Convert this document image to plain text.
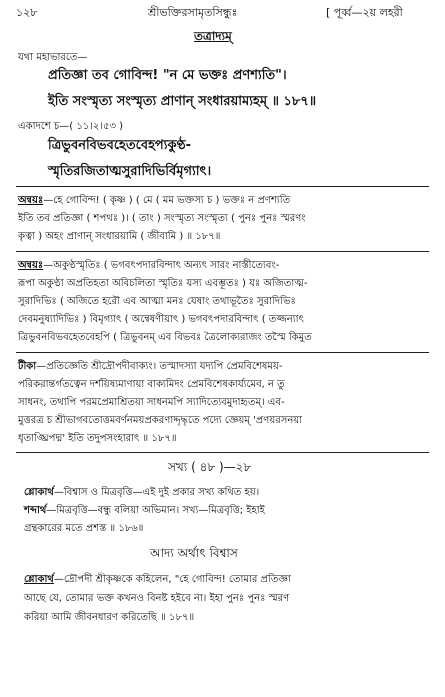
১২৮	শ্রীভক্তিরসামৃতসিন্ধুঃ	[ পূর্ব্ব—২য় লহরী
তত্রাদ্যম্‌
যথা মহাভারতে—
প্রতিজ্ঞা তব গোবিন্দ! "ন মে ভক্তঃ প্রণশ্যতি"।
ইতি সংস্মৃত্য সংস্মৃত্য প্রাণান্‌ সংধারয়াম্যহম্‌ ॥ ১৮৭॥
একাদশে চ—( ১১।২।৫৩ )
ত্রিভুবনবিভবহেতবেহপ্যকুণ্ঠ-
স্মৃতিরজিতাত্মসুরাদিভির্বিমৃগ্যাৎ।
অন্বয়ঃ—হে গোবিন্দ! ( কৃষ্ণ ) ( মে ( মম ভক্তস্য চ ) ভক্তঃ ন প্রণশ্যতি
ইতি তব প্রতিজ্ঞা ( শপথঃ )। ( তাং ) সংস্মৃত্য সংস্মৃত্য ( পুনঃ পুনঃ স্মরণং
কৃত্বা ) অহং প্রাণান্‌ সংধারয়ামি ( জীবামি ) ॥ ১৮৭॥
অন্বয়ঃ—অকুণ্ঠস্মৃতিঃ ( ভগবৎপদারবিন্দাৎ অন্যৎ সারং নাস্তীত্যেবং-
রূপা অকুণ্ঠা অপ্রতিহতা অবিচলিতা স্মৃতিঃ যস্য এবম্ভূতঃ ) যঃ অজিতাত্ম-
সুরাদিভিঃ ( অজিতে হরৌ এব আত্মা মনঃ যেষাং তথাভূতৈঃ সুরাদিভিঃ
দেবমনুষ্যাদিভিঃ ) বিমৃগ্যাৎ ( অন্বেষণীয়াৎ ) ভগবৎপদারবিন্দাৎ ( তজ্জন্যাৎ
ত্রিভুবনবিভবহেতবেহপি ( ত্রিভুবনম্‌ এব বিভবঃ ত্রৈলোক্যরাজং তস্মৈ কিমুত
টীকা—প্রতিজ্ঞেতি শ্রীদ্রৌপদীবাক্যং। তস্মাদস্যা যদ্যপি প্রেমবিশেষময়-
পরিকরান্তর্গতত্বেন দর্শয়িষ্যমাণায়া বাক্যমিদং প্রেমবিশেষকার্য্যমেব, ন তু
সাধনং, তথাপি পরমপ্রেমাশ্রিতয়া সাধনমপি স্যাদিত্যেবমুদাহৃতম্‌। এব-
মুত্তরত্র চ শ্রীভাগবতোত্তমবর্ণনময়প্রকরণাদ্দৃদ্ধৃতে পদ্যে জ্ঞেয়ম্‌ 'প্রণয়রসনয়া
ধৃতাঙ্ঘ্রিপদ্ম' ইতি তদুপসংহারাৎ ॥ ১৮৭॥
সখ্য ( ৪৮ )—২৮
শ্লোকার্থ—বিশ্বাস ও মিত্রবৃত্তি—এই দুই প্রকার সখ্য কথিত হয়।
শব্দার্থ—মিত্রবৃত্তি—বন্ধু বলিয়া অভিমান। সখ্য—মিত্রবৃত্তি; ইহাই
গ্রন্থকারের মতে প্রশস্ত ॥ ১৮৬॥
আদ্য অর্থাৎ বিশ্বাস
শ্লোকার্থ—দ্রৌপদী শ্রীকৃষ্ণকে কহিলেন, "হে গোবিন্দ! তোমার প্রতিজ্ঞা
আছে যে, তোমার ভক্ত কখনও বিনষ্ট হইবে না। ইহা পুনঃ পুনঃ স্মরণ
করিয়া আমি জীবনধারণ করিতেছি ॥ ১৮৭॥
